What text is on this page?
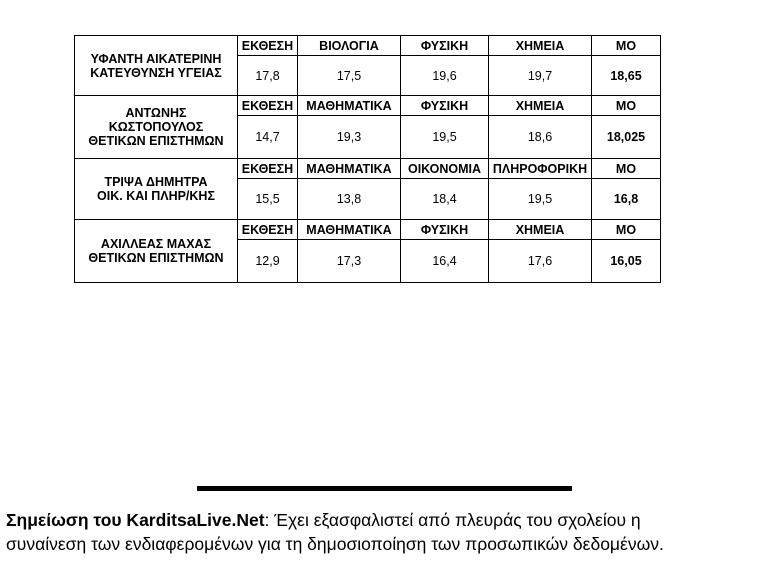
ΥΦΑΝΤΗ ΑΙΚΑΤΕΡΙΝΗ
ΚΑΤΕΥΘΥΝΣΗ ΥΓΕΙΑΣ	ΕΚΘΕΣΗ	ΒΙΟΛΟΓΙΑ	ΦΥΣΙΚΗ	ΧΗΜΕΙΑ	ΜΟ
	17,8	17,5	19,6	19,7	18,65

ΑΝΤΩΝΗΣ ΚΩΣΤΟΠΟΥΛΟΣ
ΘΕΤΙΚΩΝ ΕΠΙΣΤΗΜΩΝ	ΕΚΘΕΣΗ	ΜΑΘΗΜΑΤΙΚΑ	ΦΥΣΙΚΗ	ΧΗΜΕΙΑ	ΜΟ
	14,7	19,3	19,5	18,6	18,025

ΤΡΙΨΑ ΔΗΜΗΤΡΑ
ΟΙΚ. ΚΑΙ ΠΛΗΡ/ΚΗΣ	ΕΚΘΕΣΗ	ΜΑΘΗΜΑΤΙΚΑ	ΟΙΚΟΝΟΜΙΑ	ΠΛΗΡΟΦΟΡΙΚΗ	ΜΟ
	15,5	13,8	18,4	19,5	16,8

ΑΧΙΛΛΕΑΣ ΜΑΧΑΣ
ΘΕΤΙΚΩΝ ΕΠΙΣΤΗΜΩΝ	ΕΚΘΕΣΗ	ΜΑΘΗΜΑΤΙΚΑ	ΦΥΣΙΚΗ	ΧΗΜΕΙΑ	ΜΟ
	12,9	17,3	16,4	17,6	16,05
Σημείωση του KarditsaLive.Net: Έχει εξασφαλιστεί από πλευράς του σχολείου η
συναίνεση των ενδιαφερομένων για τη δημοσιοποίηση των προσωπικών δεδομένων.
